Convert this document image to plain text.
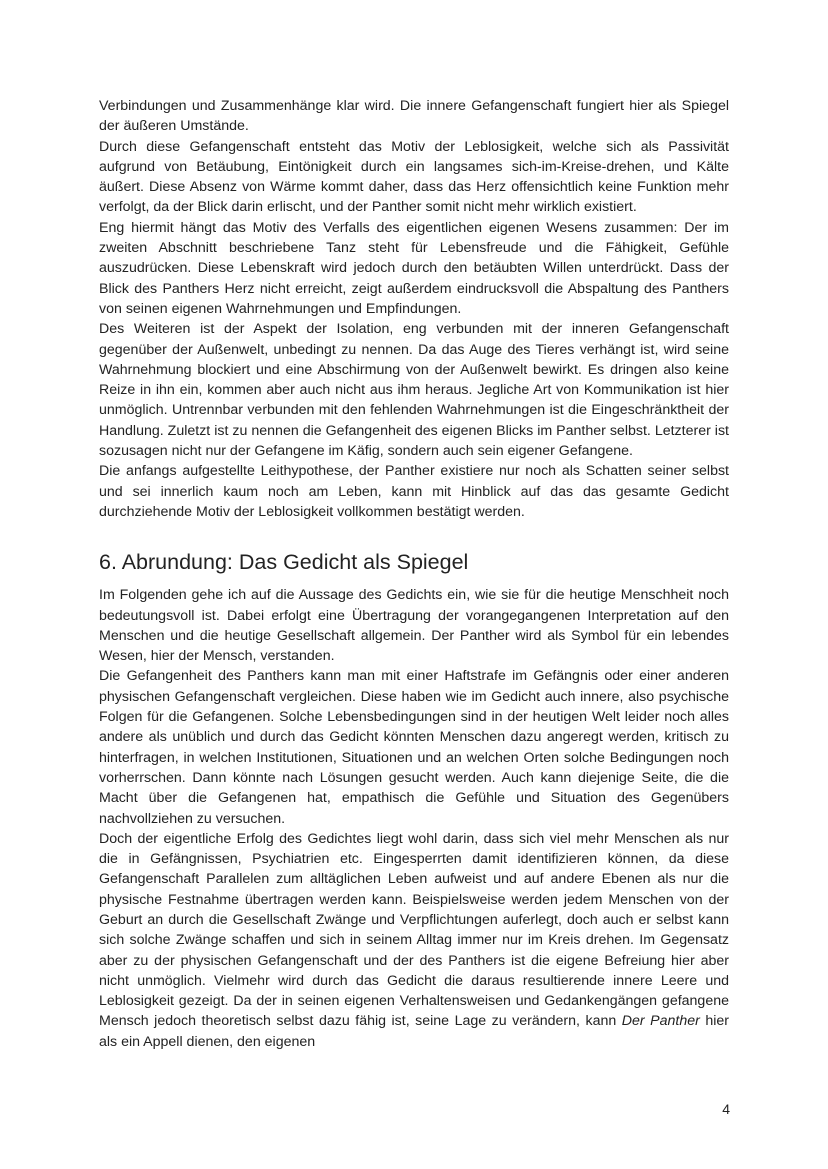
Verbindungen und Zusammenhänge klar wird. Die innere Gefangenschaft fungiert hier als Spiegel der äußeren Umstände.

Durch diese Gefangenschaft entsteht das Motiv der Leblosigkeit, welche sich als Passivität aufgrund von Betäubung, Eintönigkeit durch ein langsames sich-im-Kreise-drehen, und Kälte äußert. Diese Absenz von Wärme kommt daher, dass das Herz offensichtlich keine Funktion mehr verfolgt, da der Blick darin erlischt, und der Panther somit nicht mehr wirklich existiert.

Eng hiermit hängt das Motiv des Verfalls des eigentlichen eigenen Wesens zusammen: Der im zweiten Abschnitt beschriebene Tanz steht für Lebensfreude und die Fähigkeit, Gefühle auszudrücken. Diese Lebenskraft wird jedoch durch den betäubten Willen unterdrückt. Dass der Blick des Panthers Herz nicht erreicht, zeigt außerdem eindrucksvoll die Abspaltung des Panthers von seinen eigenen Wahrnehmungen und Empfindungen.

Des Weiteren ist der Aspekt der Isolation, eng verbunden mit der inneren Gefangenschaft gegenüber der Außenwelt, unbedingt zu nennen. Da das Auge des Tieres verhängt ist, wird seine Wahrnehmung blockiert und eine Abschirmung von der Außenwelt bewirkt. Es dringen also keine Reize in ihn ein, kommen aber auch nicht aus ihm heraus. Jegliche Art von Kommunikation ist hier unmöglich. Untrennbar verbunden mit den fehlenden Wahrnehmungen ist die Eingeschränktheit der Handlung. Zuletzt ist zu nennen die Gefangenheit des eigenen Blicks im Panther selbst. Letzterer ist sozusagen nicht nur der Gefangene im Käfig, sondern auch sein eigener Gefangene.

Die anfangs aufgestellte Leithypothese, der Panther existiere nur noch als Schatten seiner selbst und sei innerlich kaum noch am Leben, kann mit Hinblick auf das das gesamte Gedicht durchziehende Motiv der Leblosigkeit vollkommen bestätigt werden.

6. Abrundung: Das Gedicht als Spiegel

Im Folgenden gehe ich auf die Aussage des Gedichts ein, wie sie für die heutige Menschheit noch bedeutungsvoll ist. Dabei erfolgt eine Übertragung der vorangegangenen Interpretation auf den Menschen und die heutige Gesellschaft allgemein. Der Panther wird als Symbol für ein lebendes Wesen, hier der Mensch, verstanden.

Die Gefangenheit des Panthers kann man mit einer Haftstrafe im Gefängnis oder einer anderen physischen Gefangenschaft vergleichen. Diese haben wie im Gedicht auch innere, also psychische Folgen für die Gefangenen. Solche Lebensbedingungen sind in der heutigen Welt leider noch alles andere als unüblich und durch das Gedicht könnten Menschen dazu angeregt werden, kritisch zu hinterfragen, in welchen Institutionen, Situationen und an welchen Orten solche Bedingungen noch vorherrschen. Dann könnte nach Lösungen gesucht werden. Auch kann diejenige Seite, die die Macht über die Gefangenen hat, empathisch die Gefühle und Situation des Gegenübers nachvollziehen zu versuchen.

Doch der eigentliche Erfolg des Gedichtes liegt wohl darin, dass sich viel mehr Menschen als nur die in Gefängnissen, Psychiatrien etc. Eingesperrten damit identifizieren können, da diese Gefangenschaft Parallelen zum alltäglichen Leben aufweist und auf andere Ebenen als nur die physische Festnahme übertragen werden kann. Beispielsweise werden jedem Menschen von der Geburt an durch die Gesellschaft Zwänge und Verpflichtungen auferlegt, doch auch er selbst kann sich solche Zwänge schaffen und sich in seinem Alltag immer nur im Kreis drehen. Im Gegensatz aber zu der physischen Gefangenschaft und der des Panthers ist die eigene Befreiung hier aber nicht unmöglich. Vielmehr wird durch das Gedicht die daraus resultierende innere Leere und Leblosigkeit gezeigt. Da der in seinen eigenen Verhaltensweisen und Gedankengängen gefangene Mensch jedoch theoretisch selbst dazu fähig ist, seine Lage zu verändern, kann Der Panther hier als ein Appell dienen, den eigenen

4
